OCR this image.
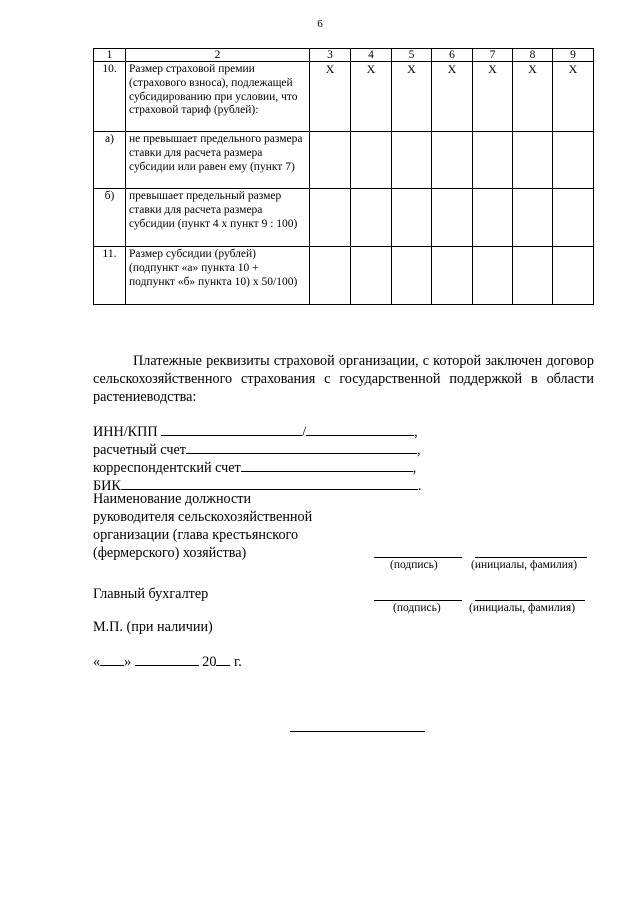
6
1	2	3	4	5	6	7	8	9
10.	Размер страховой премии (страхового взноса), подлежащей субсидированию при условии, что страховой тариф (рублей):	Х	Х	Х	Х	Х	Х	Х
а)	не превышает предельного размера ставки для расчета размера субсидии или равен ему (пункт 7)							
б)	превышает предельный размер ставки для расчета размера субсидии (пункт 4 x пункт 9 : 100)							
11.	Размер субсидии (рублей) (подпункт «а» пункта 10 + подпункт «б» пункта 10) x 50/100)							
Платежные реквизиты страховой организации, с которой заключен договор сельскохозяйственного страхования с государственной поддержкой в области растениеводства:
ИНН/КПП	/	,
расчетный счет	,
корреспондентский счет	,
БИК	.
Наименование должности
руководителя сельскохозяйственной
организации (глава крестьянского
(фермерского) хозяйства)
(подпись)	(инициалы, фамилия)
Главный бухгалтер
(подпись) (инициалы, фамилия)
М.П. (при наличии)
« »	20 г.
